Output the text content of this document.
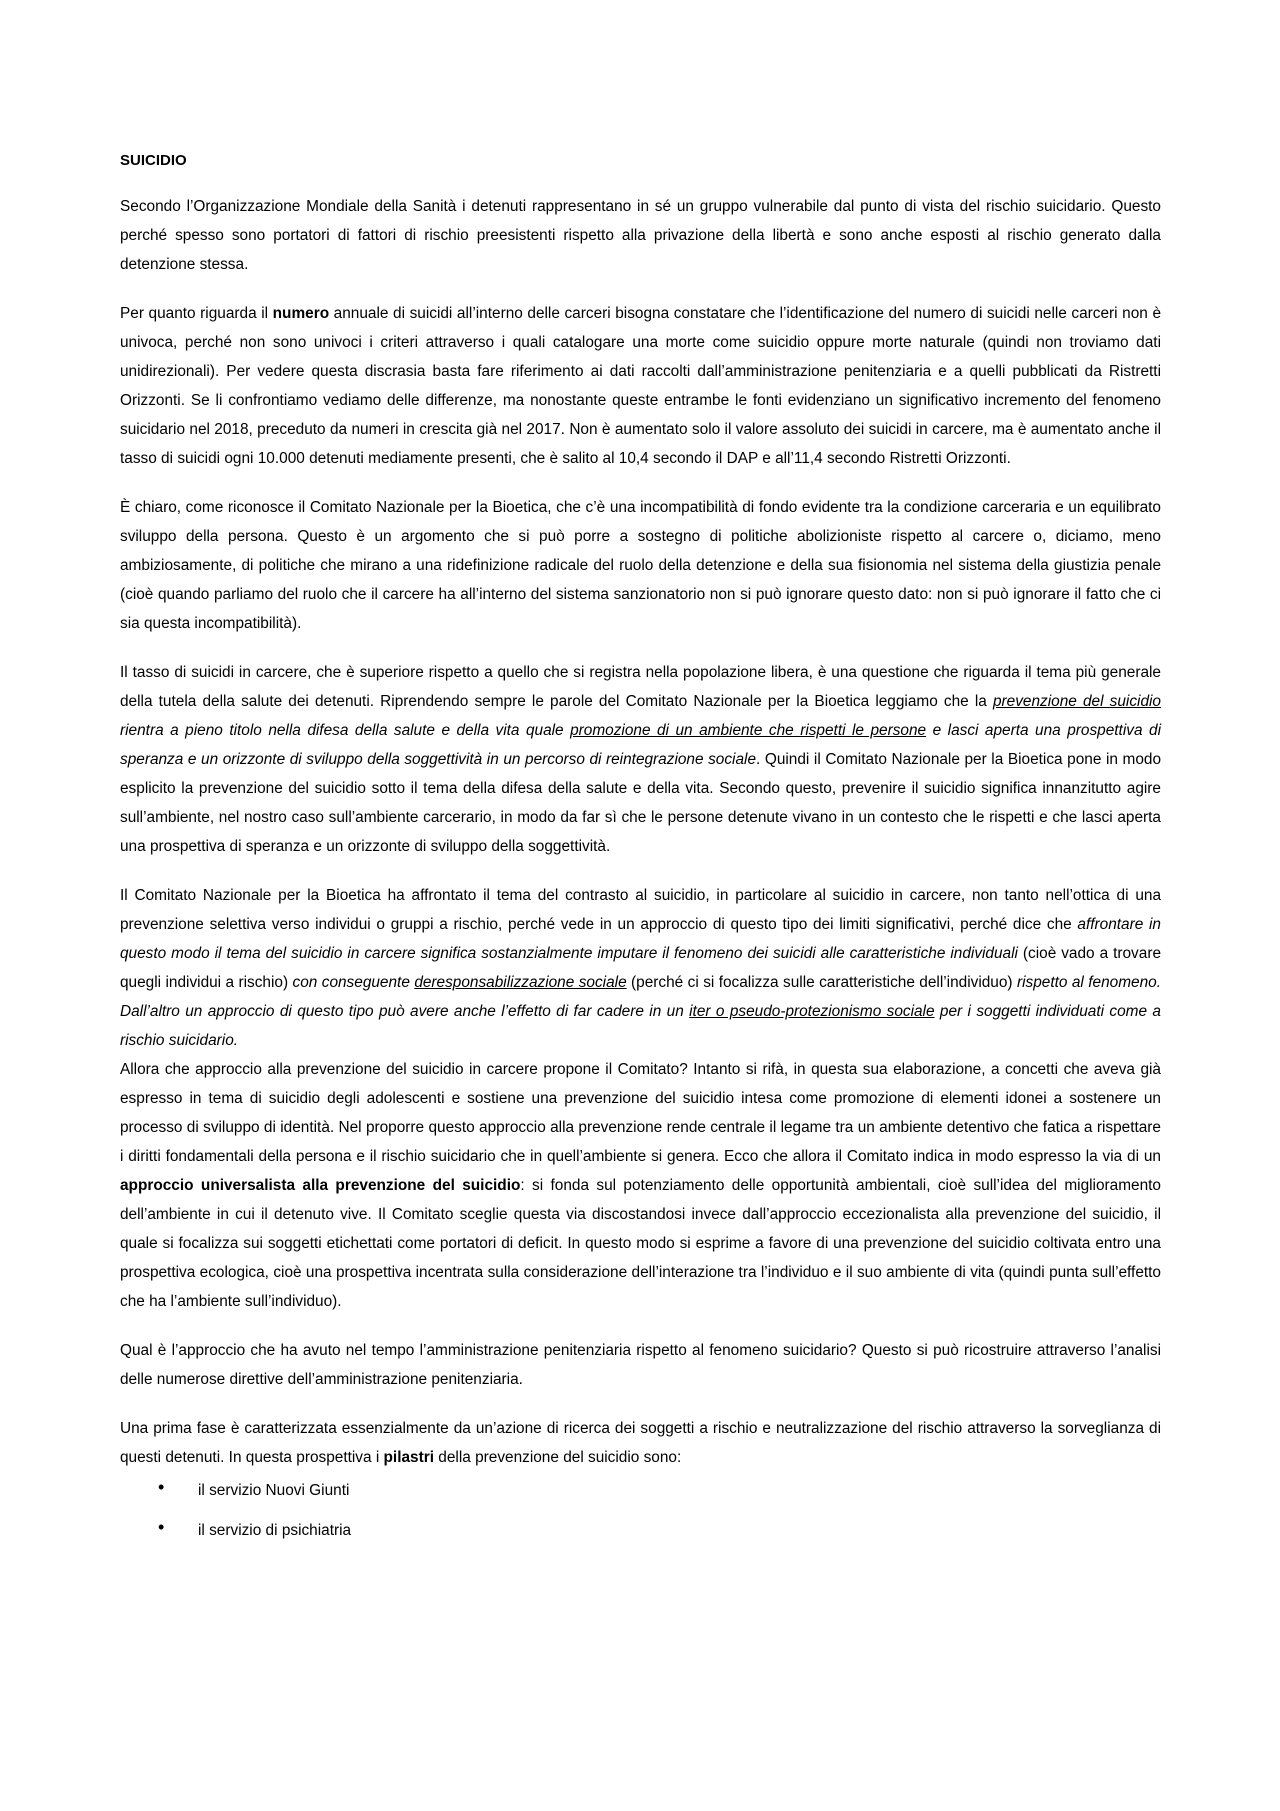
SUICIDIO

Secondo l’Organizzazione Mondiale della Sanità i detenuti rappresentano in sé un gruppo vulnerabile dal punto di vista del rischio suicidario. Questo perché spesso sono portatori di fattori di rischio preesistenti rispetto alla privazione della libertà e sono anche esposti al rischio generato dalla detenzione stessa.

Per quanto riguarda il numero annuale di suicidi all’interno delle carceri bisogna constatare che l’identificazione del numero di suicidi nelle carceri non è univoca, perché non sono univoci i criteri attraverso i quali catalogare una morte come suicidio oppure morte naturale (quindi non troviamo dati unidirezionali). Per vedere questa discrasia basta fare riferimento ai dati raccolti dall’amministrazione penitenziaria e a quelli pubblicati da Ristretti Orizzonti. Se li confrontiamo vediamo delle differenze, ma nonostante queste entrambe le fonti evidenziano un significativo incremento del fenomeno suicidario nel 2018, preceduto da numeri in crescita già nel 2017. Non è aumentato solo il valore assoluto dei suicidi in carcere, ma è aumentato anche il tasso di suicidi ogni 10.000 detenuti mediamente presenti, che è salito al 10,4 secondo il DAP e all’11,4 secondo Ristretti Orizzonti.

È chiaro, come riconosce il Comitato Nazionale per la Bioetica, che c’è una incompatibilità di fondo evidente tra la condizione carceraria e un equilibrato sviluppo della persona. Questo è un argomento che si può porre a sostegno di politiche abolizioniste rispetto al carcere o, diciamo, meno ambiziosamente, di politiche che mirano a una ridefinizione radicale del ruolo della detenzione e della sua fisionomia nel sistema della giustizia penale (cioè quando parliamo del ruolo che il carcere ha all’interno del sistema sanzionatorio non si può ignorare questo dato: non si può ignorare il fatto che ci sia questa incompatibilità).

Il tasso di suicidi in carcere, che è superiore rispetto a quello che si registra nella popolazione libera, è una questione che riguarda il tema più generale della tutela della salute dei detenuti. Riprendendo sempre le parole del Comitato Nazionale per la Bioetica leggiamo che la prevenzione del suicidio rientra a pieno titolo nella difesa della salute e della vita quale promozione di un ambiente che rispetti le persone e lasci aperta una prospettiva di speranza e un orizzonte di sviluppo della soggettività in un percorso di reintegrazione sociale. Quindi il Comitato Nazionale per la Bioetica pone in modo esplicito la prevenzione del suicidio sotto il tema della difesa della salute e della vita. Secondo questo, prevenire il suicidio significa innanzitutto agire sull’ambiente, nel nostro caso sull’ambiente carcerario, in modo da far sì che le persone detenute vivano in un contesto che le rispetti e che lasci aperta una prospettiva di speranza e un orizzonte di sviluppo della soggettività.

Il Comitato Nazionale per la Bioetica ha affrontato il tema del contrasto al suicidio, in particolare al suicidio in carcere, non tanto nell’ottica di una prevenzione selettiva verso individui o gruppi a rischio, perché vede in un approccio di questo tipo dei limiti significativi, perché dice che affrontare in questo modo il tema del suicidio in carcere significa sostanzialmente imputare il fenomeno dei suicidi alle caratteristiche individuali (cioè vado a trovare quegli individui a rischio) con conseguente deresponsabilizzazione sociale (perché ci si focalizza sulle caratteristiche dell’individuo) rispetto al fenomeno. Dall’altro un approccio di questo tipo può avere anche l’effetto di far cadere in un iter o pseudo-protezionismo sociale per i soggetti individuati come a rischio suicidario.

Allora che approccio alla prevenzione del suicidio in carcere propone il Comitato? Intanto si rifà, in questa sua elaborazione, a concetti che aveva già espresso in tema di suicidio degli adolescenti e sostiene una prevenzione del suicidio intesa come promozione di elementi idonei a sostenere un processo di sviluppo di identità. Nel proporre questo approccio alla prevenzione rende centrale il legame tra un ambiente detentivo che fatica a rispettare i diritti fondamentali della persona e il rischio suicidario che in quell’ambiente si genera. Ecco che allora il Comitato indica in modo espresso la via di un approccio universalista alla prevenzione del suicidio: si fonda sul potenziamento delle opportunità ambientali, cioè sull’idea del miglioramento dell’ambiente in cui il detenuto vive. Il Comitato sceglie questa via discostandosi invece dall’approccio eccezionalista alla prevenzione del suicidio, il quale si focalizza sui soggetti etichettati come portatori di deficit. In questo modo si esprime a favore di una prevenzione del suicidio coltivata entro una prospettiva ecologica, cioè una prospettiva incentrata sulla considerazione dell’interazione tra l’individuo e il suo ambiente di vita (quindi punta sull’effetto che ha l’ambiente sull’individuo).

Qual è l’approccio che ha avuto nel tempo l’amministrazione penitenziaria rispetto al fenomeno suicidario? Questo si può ricostruire attraverso l’analisi delle numerose direttive dell’amministrazione penitenziaria.

Una prima fase è caratterizzata essenzialmente da un’azione di ricerca dei soggetti a rischio e neutralizzazione del rischio attraverso la sorveglianza di questi detenuti. In questa prospettiva i pilastri della prevenzione del suicidio sono:

• il servizio Nuovi Giunti
• il servizio di psichiatria
